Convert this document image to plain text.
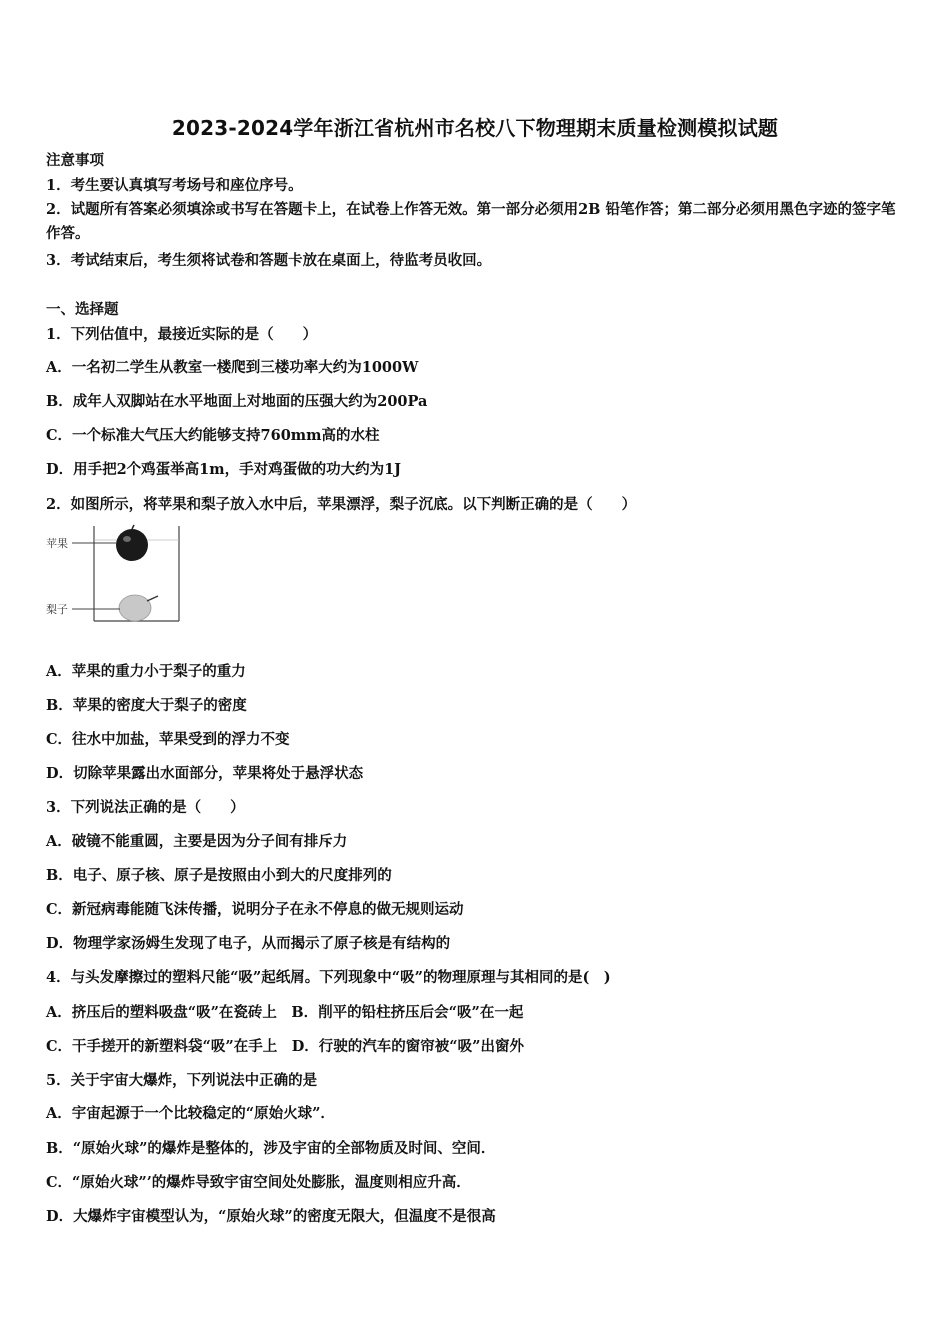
2023-2024学年浙江省杭州市名校八下物理期末质量检测模拟试题
注意事项
1．考生要认真填写考场号和座位序号。
2．试题所有答案必须填涂或书写在答题卡上，在试卷上作答无效。第一部分必须用2B 铅笔作答；第二部分必须用黑色字迹的签字笔作答。
3．考试结束后，考生须将试卷和答题卡放在桌面上，待监考员收回。
一、选择题
1．下列估值中，最接近实际的是（　　）
A．一名初二学生从教室一楼爬到三楼功率大约为1000W
B．成年人双脚站在水平地面上对地面的压强大约为200Pa
C．一个标准大气压大约能够支持760mm高的水柱
D．用手把2个鸡蛋举高1m，手对鸡蛋做的功大约为1J
2．如图所示，将苹果和梨子放入水中后，苹果漂浮，梨子沉底。以下判断正确的是（　　）
苹果
梨子
A．苹果的重力小于梨子的重力
B．苹果的密度大于梨子的密度
C．往水中加盐，苹果受到的浮力不变
D．切除苹果露出水面部分，苹果将处于悬浮状态
3．下列说法正确的是（　　）
A．破镜不能重圆，主要是因为分子间有排斥力
B．电子、原子核、原子是按照由小到大的尺度排列的
C．新冠病毒能随飞沫传播，说明分子在永不停息的做无规则运动
D．物理学家汤姆生发现了电子，从而揭示了原子核是有结构的
4．与头发摩擦过的塑料尺能“吸”起纸屑。下列现象中“吸”的物理原理与其相同的是(　)
A．挤压后的塑料吸盘“吸”在瓷砖上　B．削平的铅柱挤压后会“吸”在一起
C．干手搓开的新塑料袋“吸”在手上　D．行驶的汽车的窗帘被“吸”出窗外
5．关于宇宙大爆炸，下列说法中正确的是
A．宇宙起源于一个比较稳定的“原始火球”．
B．“原始火球”的爆炸是整体的，涉及宇宙的全部物质及时间、空间．
C．“原始火球”’的爆炸导致宇宙空间处处膨胀，温度则相应升高．
D．大爆炸宇宙模型认为，“原始火球”的密度无限大，但温度不是很高
